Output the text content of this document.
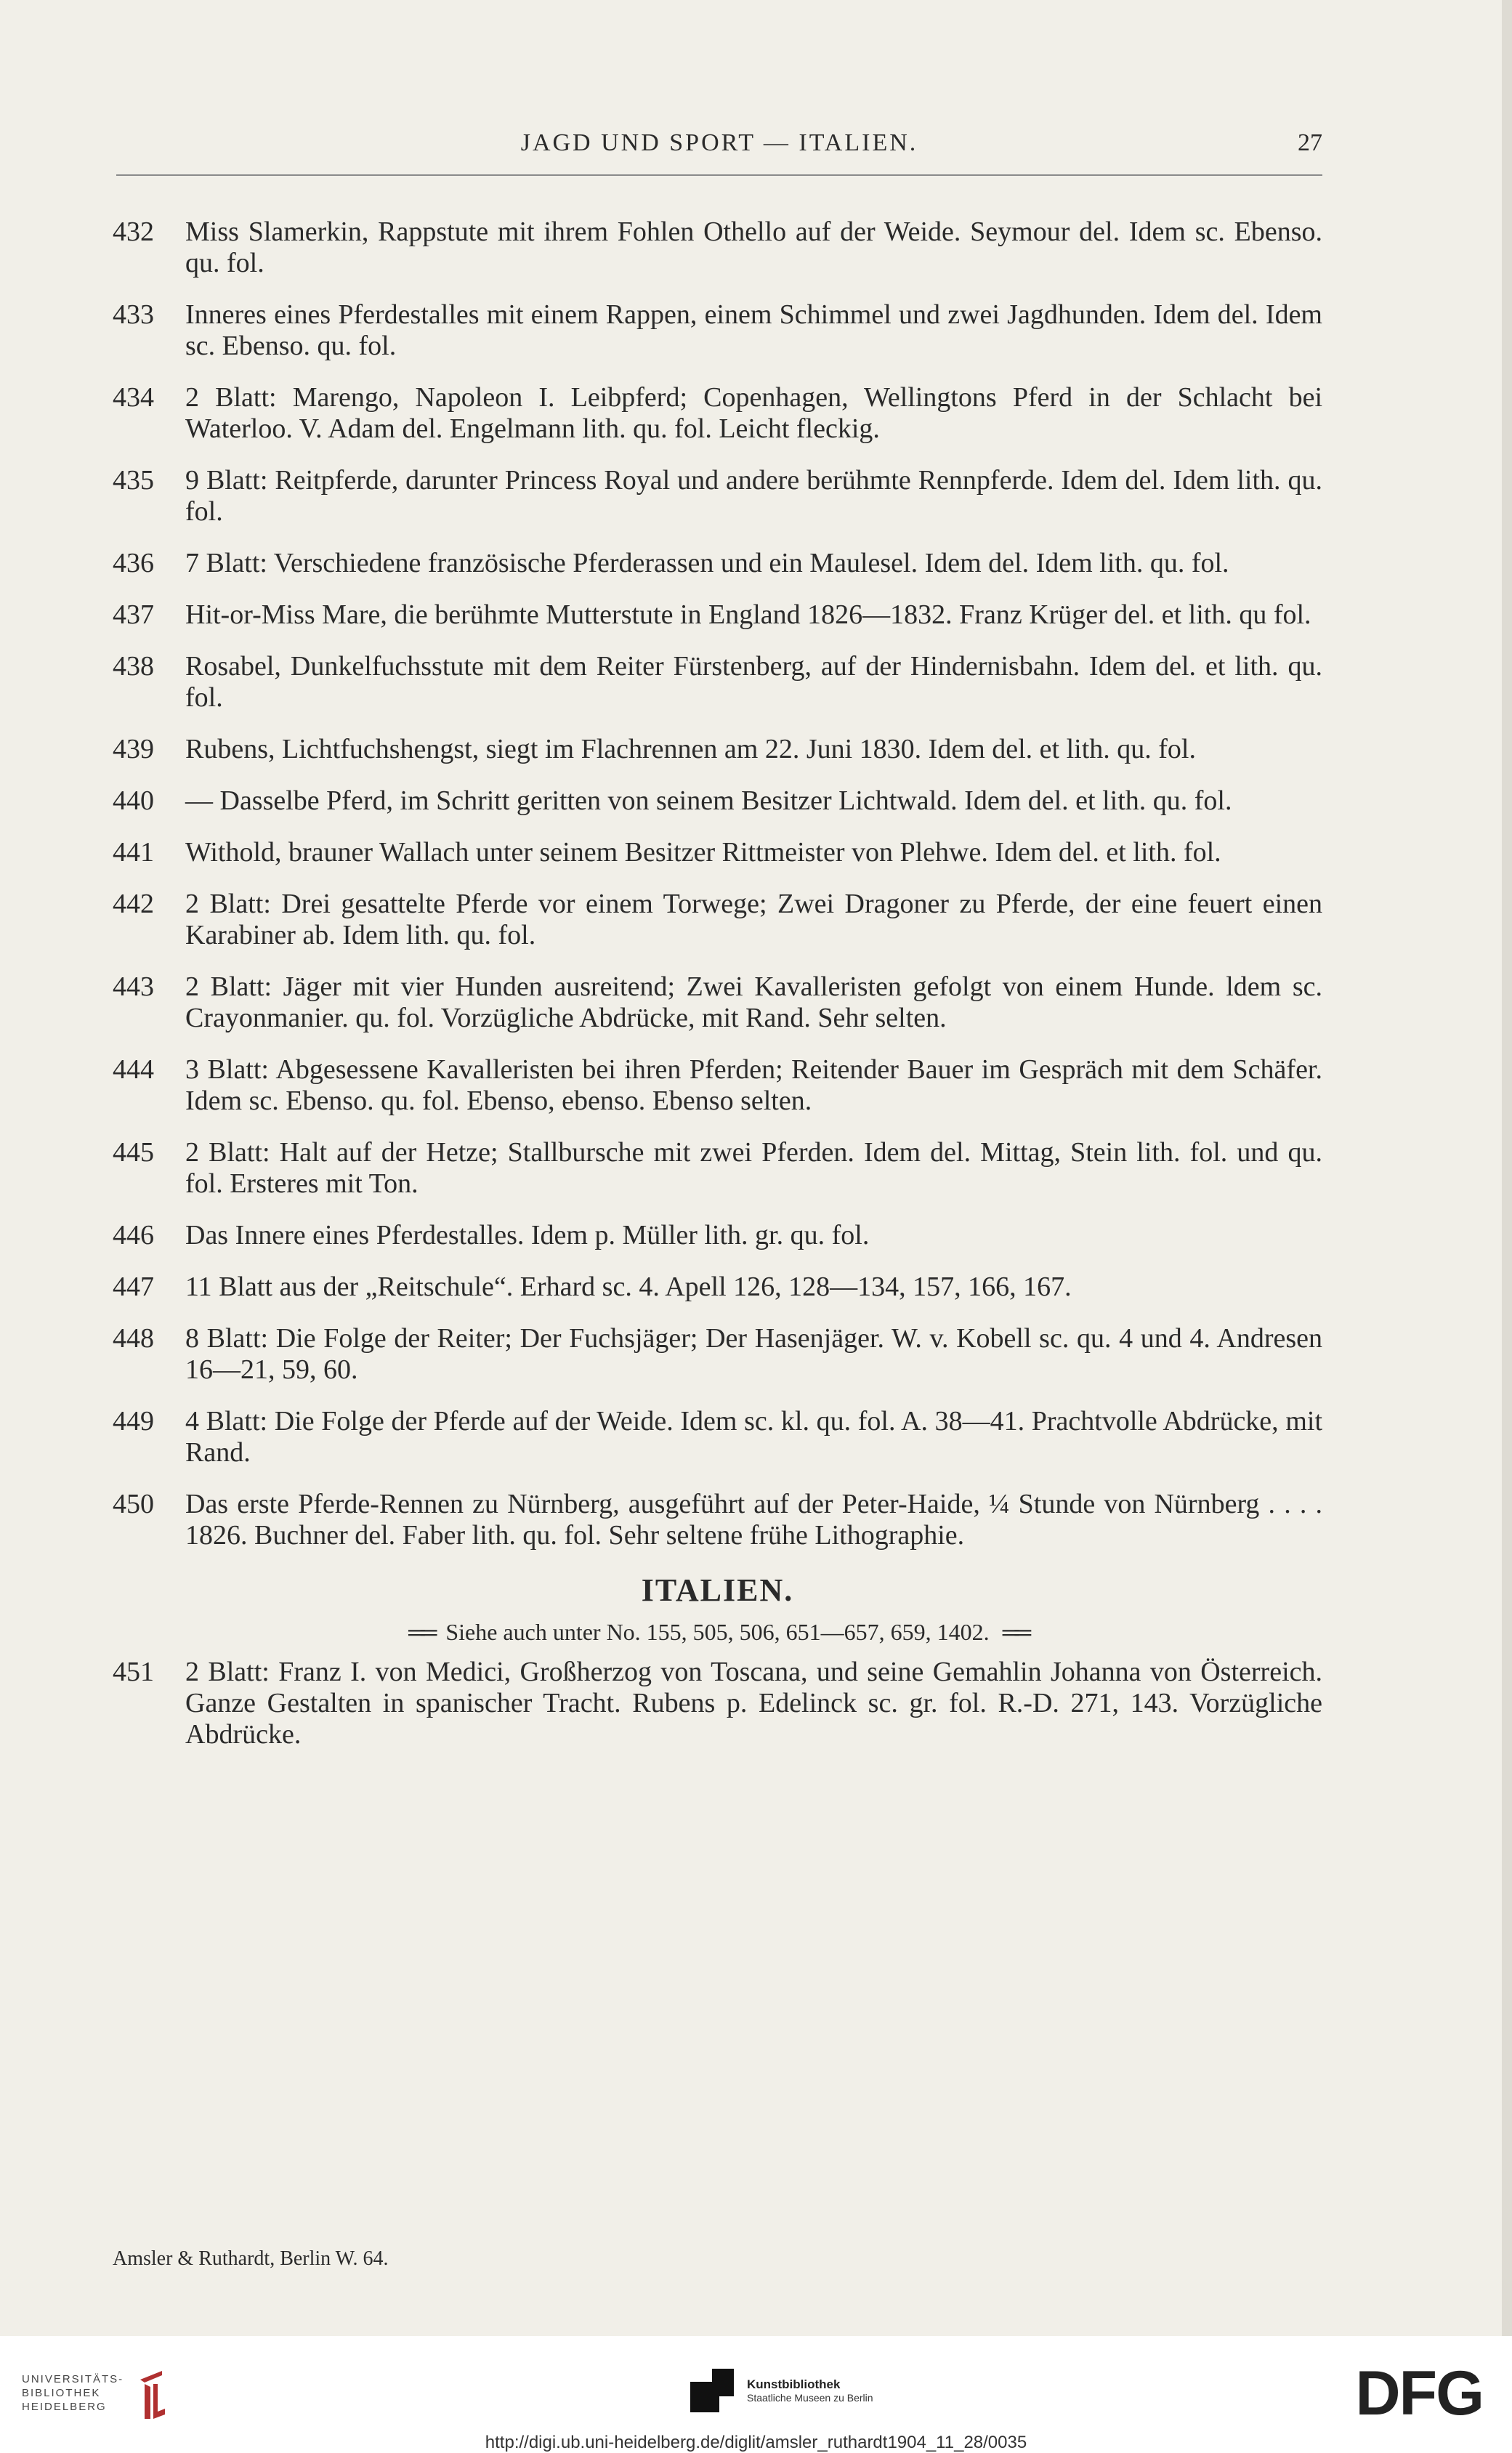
JAGD UND SPORT — ITALIEN.	27
432	Miss Slamerkin, Rappstute mit ihrem Fohlen Othello auf der Weide. Seymour del. Idem sc. Ebenso. qu. fol.
433	Inneres eines Pferdestalles mit einem Rappen, einem Schimmel und zwei Jagdhunden. Idem del. Idem sc. Ebenso. qu. fol.
434	2 Blatt: Marengo, Napoleon I. Leibpferd; Copenhagen, Wellingtons Pferd in der Schlacht bei Waterloo. V. Adam del. Engelmann lith. qu. fol. Leicht fleckig.
435	9 Blatt: Reitpferde, darunter Princess Royal und andere berühmte Rennpferde. Idem del. Idem lith. qu. fol.
436	7 Blatt: Verschiedene französische Pferderassen und ein Maulesel. Idem del. Idem lith. qu. fol.
437	Hit-or-Miss Mare, die berühmte Mutterstute in England 1826—1832. Franz Krüger del. et lith. qu fol.
438	Rosabel, Dunkelfuchsstute mit dem Reiter Fürstenberg, auf der Hindernisbahn. Idem del. et lith. qu. fol.
439	Rubens, Lichtfuchshengst, siegt im Flachrennen am 22. Juni 1830. Idem del. et lith. qu. fol.
440	— Dasselbe Pferd, im Schritt geritten von seinem Besitzer Lichtwald. Idem del. et lith. qu. fol.
441	Withold, brauner Wallach unter seinem Besitzer Rittmeister von Plehwe. Idem del. et lith. fol.
442	2 Blatt: Drei gesattelte Pferde vor einem Torwege; Zwei Dragoner zu Pferde, der eine feuert einen Karabiner ab. Idem lith. qu. fol.
443	2 Blatt: Jäger mit vier Hunden ausreitend; Zwei Kavalleristen gefolgt von einem Hunde. ldem sc. Crayonmanier. qu. fol. Vorzügliche Abdrücke, mit Rand. Sehr selten.
444	3 Blatt: Abgesessene Kavalleristen bei ihren Pferden; Reitender Bauer im Gespräch mit dem Schäfer. Idem sc. Ebenso. qu. fol. Ebenso, ebenso. Ebenso selten.
445	2 Blatt: Halt auf der Hetze; Stallbursche mit zwei Pferden. Idem del. Mittag, Stein lith. fol. und qu. fol. Ersteres mit Ton.
446	Das Innere eines Pferdestalles. Idem p. Müller lith. gr. qu. fol.
447	11 Blatt aus der „Reitschule“. Erhard sc. 4. Apell 126, 128—134, 157, 166, 167.
448	8 Blatt: Die Folge der Reiter; Der Fuchsjäger; Der Hasenjäger. W. v. Kobell sc. qu. 4 und 4. Andresen 16—21, 59, 60.
449	4 Blatt: Die Folge der Pferde auf der Weide. Idem sc. kl. qu. fol. A. 38—41. Prachtvolle Abdrücke, mit Rand.
450	Das erste Pferde-Rennen zu Nürnberg, ausgeführt auf der Peter-Haide, ¼ Stunde von Nürnberg . . . . 1826. Buchner del. Faber lith. qu. fol. Sehr seltene frühe Lithographie.
ITALIEN.
══ Siehe auch unter No. 155, 505, 506, 651—657, 659, 1402. ══
451	2 Blatt: Franz I. von Medici, Großherzog von Toscana, und seine Gemahlin Johanna von Österreich. Ganze Gestalten in spanischer Tracht. Rubens p. Edelinck sc. gr. fol. R.-D. 271, 143. Vorzügliche Abdrücke.
Amsler & Ruthardt, Berlin W. 64.
UNIVERSITÄTS-
BIBLIOTHEK
HEIDELBERG
Kunstbibliothek
Staatliche Museen zu Berlin	DFG
http://digi.ub.uni-heidelberg.de/diglit/amsler_ruthardt1904_11_28/0035
